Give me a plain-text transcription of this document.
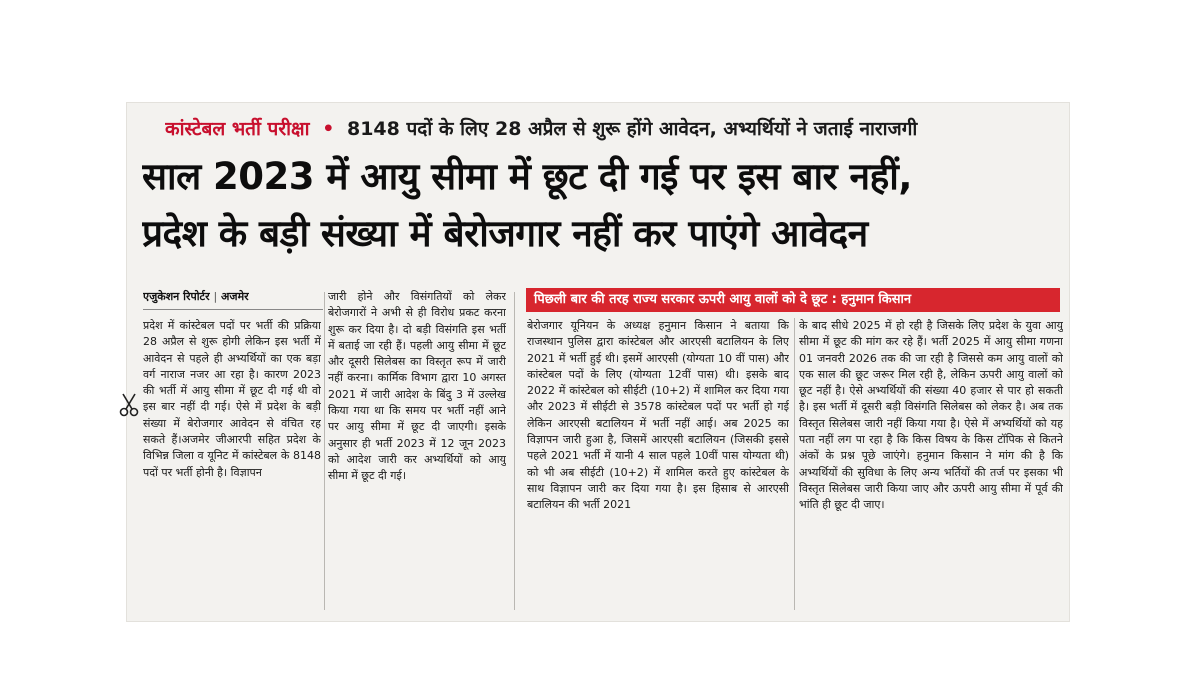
कांस्टेबल भर्ती परीक्षा • 8148 पदों के लिए 28 अप्रैल से शुरू होंगे आवेदन, अभ्यर्थियों ने जताई नाराजगी
साल 2023 में आयु सीमा में छूट दी गई पर इस बार नहीं,
प्रदेश के बड़ी संख्या में बेरोजगार नहीं कर पाएंगे आवेदन
एजुकेशन रिपोर्टर | अजमेर	पिछली बार की तरह राज्य सरकार ऊपरी आयु वालों को दे छूट : हनुमान किसान
प्रदेश में कांस्टेबल पदों पर भर्ती की प्रक्रिया 28 अप्रैल से शुरू होगी लेकिन इस भर्ती में आवेदन से पहले ही अभ्यर्थियों का एक बड़ा वर्ग नाराज नजर आ रहा है। कारण 2023 की भर्ती में आयु सीमा में छूट दी गई थी वो इस बार नहीं दी गई। ऐसे में प्रदेश के बड़ी संख्या में बेरोजगार आवेदन से वंचित रह सकते हैं।अजमेर जीआरपी सहित प्रदेश के विभिन्न जिला व यूनिट में कांस्टेबल के 8148 पदों पर भर्ती होनी है। विज्ञापन
जारी होने और विसंगतियों को लेकर बेरोजगारों ने अभी से ही विरोध प्रकट करना शुरू कर दिया है। दो बड़ी विसंगति इस भर्ती में बताई जा रही हैं। पहली आयु सीमा में छूट और दूसरी सिलेबस का विस्तृत रूप में जारी नहीं करना। कार्मिक विभाग द्वारा 10 अगस्त 2021 में जारी आदेश के बिंदु 3 में उल्लेख किया गया था कि समय पर भर्ती नहीं आने पर आयु सीमा में छूट दी जाएगी। इसके अनुसार ही भर्ती 2023 में 12 जून 2023 को आदेश जारी कर अभ्यर्थियों को आयु सीमा में छूट दी गई।
बेरोजगार यूनियन के अध्यक्ष हनुमान किसान ने बताया कि राजस्थान पुलिस द्वारा कांस्टेबल और आरएसी बटालियन के लिए 2021 में भर्ती हुई थी। इसमें आरएसी (योग्यता 10 वीं पास) और कांस्टेबल पदों के लिए (योग्यता 12वीं पास) थी। इसके बाद 2022 में कांस्टेबल को सीईटी (10+2) में शामिल कर दिया गया और 2023 में सीईटी से 3578 कांस्टेबल पदों पर भर्ती हो गई लेकिन आरएसी बटालियन में भर्ती नहीं आई। अब 2025 का विज्ञापन जारी हुआ है, जिसमें आरएसी बटालियन (जिसकी इससे पहले 2021 भर्ती में यानी 4 साल पहले 10वीं पास योग्यता थी) को भी अब सीईटी (10+2) में शामिल करते हुए कांस्टेबल के साथ विज्ञापन जारी कर दिया गया है। इस हिसाब से आरएसी बटालियन की भर्ती 2021
के बाद सीधे 2025 में हो रही है जिसके लिए प्रदेश के युवा आयु सीमा में छूट की मांग कर रहे हैं। भर्ती 2025 में आयु सीमा गणना 01 जनवरी 2026 तक की जा रही है जिससे कम आयु वालों को एक साल की छूट जरूर मिल रही है, लेकिन ऊपरी आयु वालों को छूट नहीं है। ऐसे अभ्यर्थियों की संख्या 40 हजार से पार हो सकती है। इस भर्ती में दूसरी बड़ी विसंगति सिलेबस को लेकर है। अब तक विस्तृत सिलेबस जारी नहीं किया गया है। ऐसे में अभ्यर्थियों को यह पता नहीं लग पा रहा है कि किस विषय के किस टॉपिक से कितने अंकों के प्रश्न पूछे जाएंगे। हनुमान किसान ने मांग की है कि अभ्यर्थियों की सुविधा के लिए अन्य भर्तियों की तर्ज पर इसका भी विस्तृत सिलेबस जारी किया जाए और ऊपरी आयु सीमा में पूर्व की भांति ही छूट दी जाए।
